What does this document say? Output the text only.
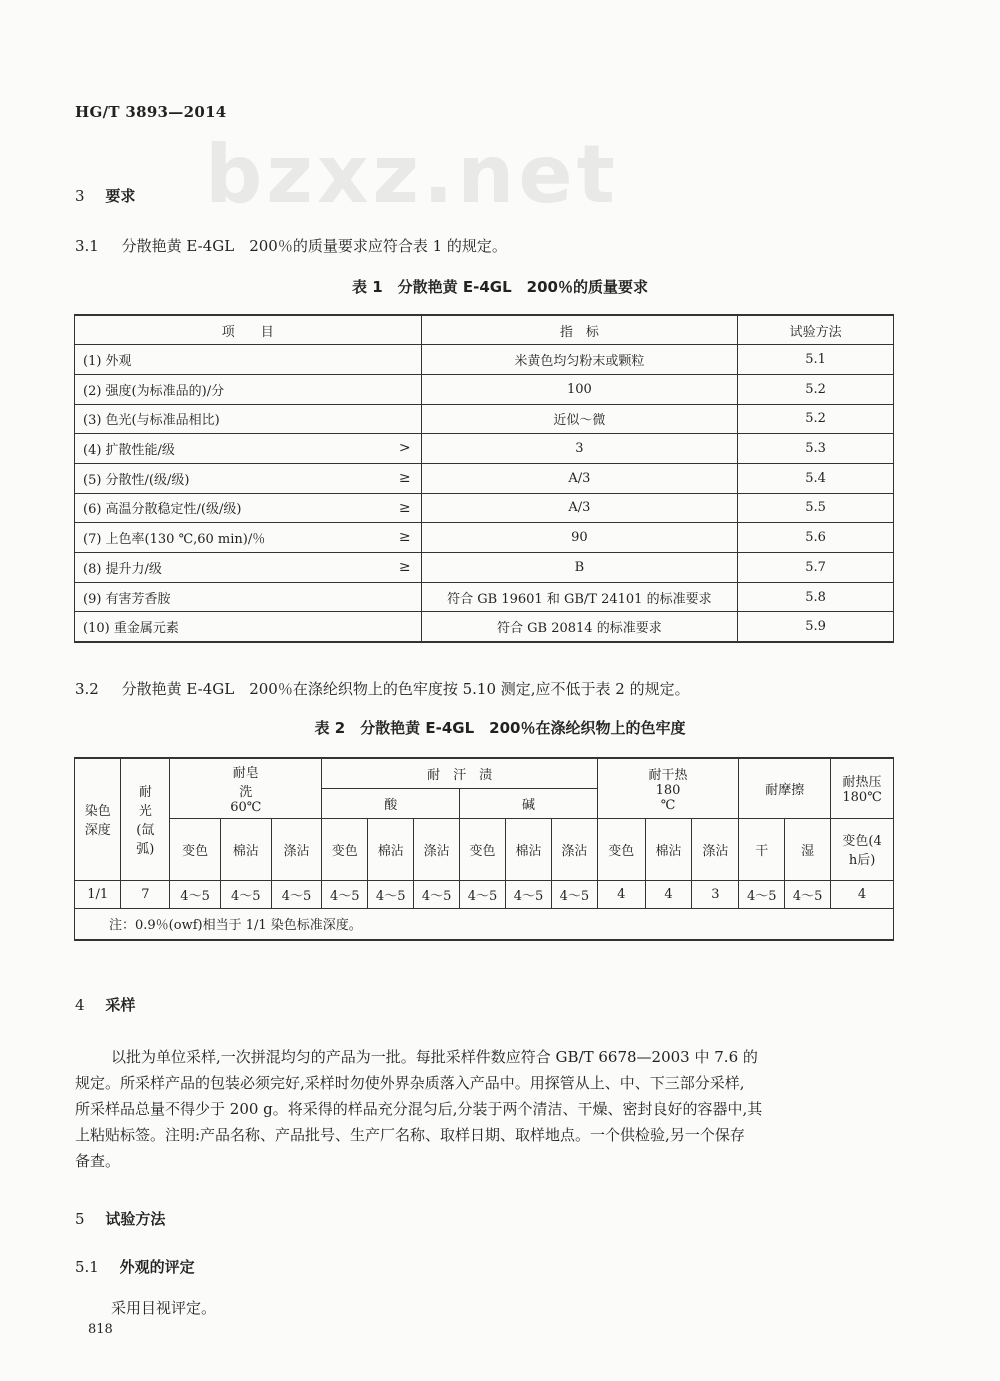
bzxz.net
HG/T 3893—2014
3 要求
3.1 分散艳黄 E-4GL　200％的质量要求应符合表 1 的规定。
表 1　分散艳黄 E-4GL　200％的质量要求
项　　目	指　标	试验方法
(1) 外观	米黄色均匀粉末或颗粒	5.1
(2) 强度(为标准品的)/分	100	5.2
(3) 色光(与标准品相比)	近似～微	5.2
(4) 扩散性能/级 >	3	5.3
(5) 分散性/(级/级) ≥	A/3	5.4
(6) 高温分散稳定性/(级/级) ≥	A/3	5.5
(7) 上色率(130 ℃,60 min)/％ ≥	90	5.6
(8) 提升力/级 ≥	B	5.7
(9) 有害芳香胺	符合 GB 19601 和 GB/T 24101 的标准要求	5.8
(10) 重金属元素	符合 GB 20814 的标准要求	5.9
3.2 分散艳黄 E-4GL　200％在涤纶织物上的色牢度按 5.10 测定,应不低于表 2 的规定。
表 2　分散艳黄 E-4GL　200％在涤纶织物上的色牢度
染色深度	耐光(氙弧)	耐皂洗 60℃			耐　汗　渍						耐干热 180 ℃			耐摩擦		耐热压 180℃
					酸			碱								
		变色	棉沾	涤沾	变色	棉沾	涤沾	变色	棉沾	涤沾	变色	棉沾	涤沾	干	湿	变色(4 h后)
1/1	7	4～5	4～5	4～5	4～5	4～5	4～5	4～5	4～5	4～5	4	4	3	4～5	4～5	4
注：0.9％(owf)相当于 1/1 染色标准深度。																
4 采样
以批为单位采样,一次拼混均匀的产品为一批。每批采样件数应符合 GB/T 6678—2003 中 7.6 的
规定。所采样产品的包装必须完好,采样时勿使外界杂质落入产品中。用探管从上、中、下三部分采样,
所采样品总量不得少于 200 g。将采得的样品充分混匀后,分装于两个清洁、干燥、密封良好的容器中,其
上粘贴标签。注明:产品名称、产品批号、生产厂名称、取样日期、取样地点。一个供检验,另一个保存
备查。
5 试验方法
5.1 外观的评定
采用目视评定。
818
